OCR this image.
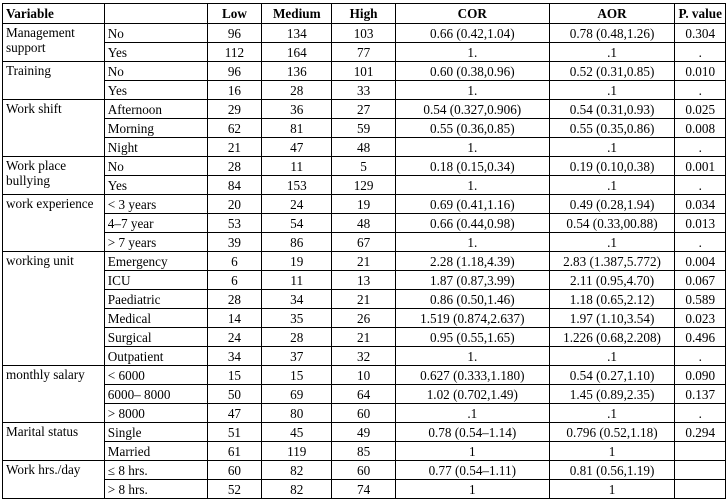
Variable		Low	Medium	High	COR	AOR	P. value
Management support	No	96	134	103	0.66 (0.42,1.04)	0.78 (0.48,1.26)	0.304
	Yes	112	164	77	1.	.1	.
Training	No	96	136	101	0.60 (0.38,0.96)	0.52 (0.31,0.85)	0.010
	Yes	16	28	33	1.	.1	.
Work shift	Afternoon	29	36	27	0.54 (0.327,0.906)	0.54 (0.31,0.93)	0.025
	Morning	62	81	59	0.55 (0.36,0.85)	0.55 (0.35,0.86)	0.008
	Night	21	47	48	1.	.1	.
Work place bullying	No	28	11	5	0.18 (0.15,0.34)	0.19 (0.10,0.38)	0.001
	Yes	84	153	129	1.	.1	.
work experience	< 3 years	20	24	19	0.69 (0.41,1.16)	0.49 (0.28,1.94)	0.034
	4–7 year	53	54	48	0.66 (0.44,0.98)	0.54 (0.33,00.88)	0.013
	> 7 years	39	86	67	1.	.1	.
working unit	Emergency	6	19	21	2.28 (1.18,4.39)	2.83 (1.387,5.772)	0.004
	ICU	6	11	13	1.87 (0.87,3.99)	2.11 (0.95,4.70)	0.067
	Paediatric	28	34	21	0.86 (0.50,1.46)	1.18 (0.65,2.12)	0.589
	Medical	14	35	26	1.519 (0.874,2.637)	1.97 (1.10,3.54)	0.023
	Surgical	24	28	21	0.95 (0.55,1.65)	1.226 (0.68,2.208)	0.496
	Outpatient	34	37	32	1.	.1	.
monthly salary	< 6000	15	15	10	0.627 (0.333,1.180)	0.54 (0.27,1.10)	0.090
	6000– 8000	50	69	64	1.02 (0.702,1.49)	1.45 (0.89,2.35)	0.137
	> 8000	47	80	60	.1	.1	.
Marital status	Single	51	45	49	0.78 (0.54–1.14)	0.796 (0.52,1.18)	0.294
	Married	61	119	85	1	1	
Work hrs./day	≤ 8 hrs.	60	82	60	0.77 (0.54–1.11)	0.81 (0.56,1.19)	
	> 8 hrs.	52	82	74	1	1	
